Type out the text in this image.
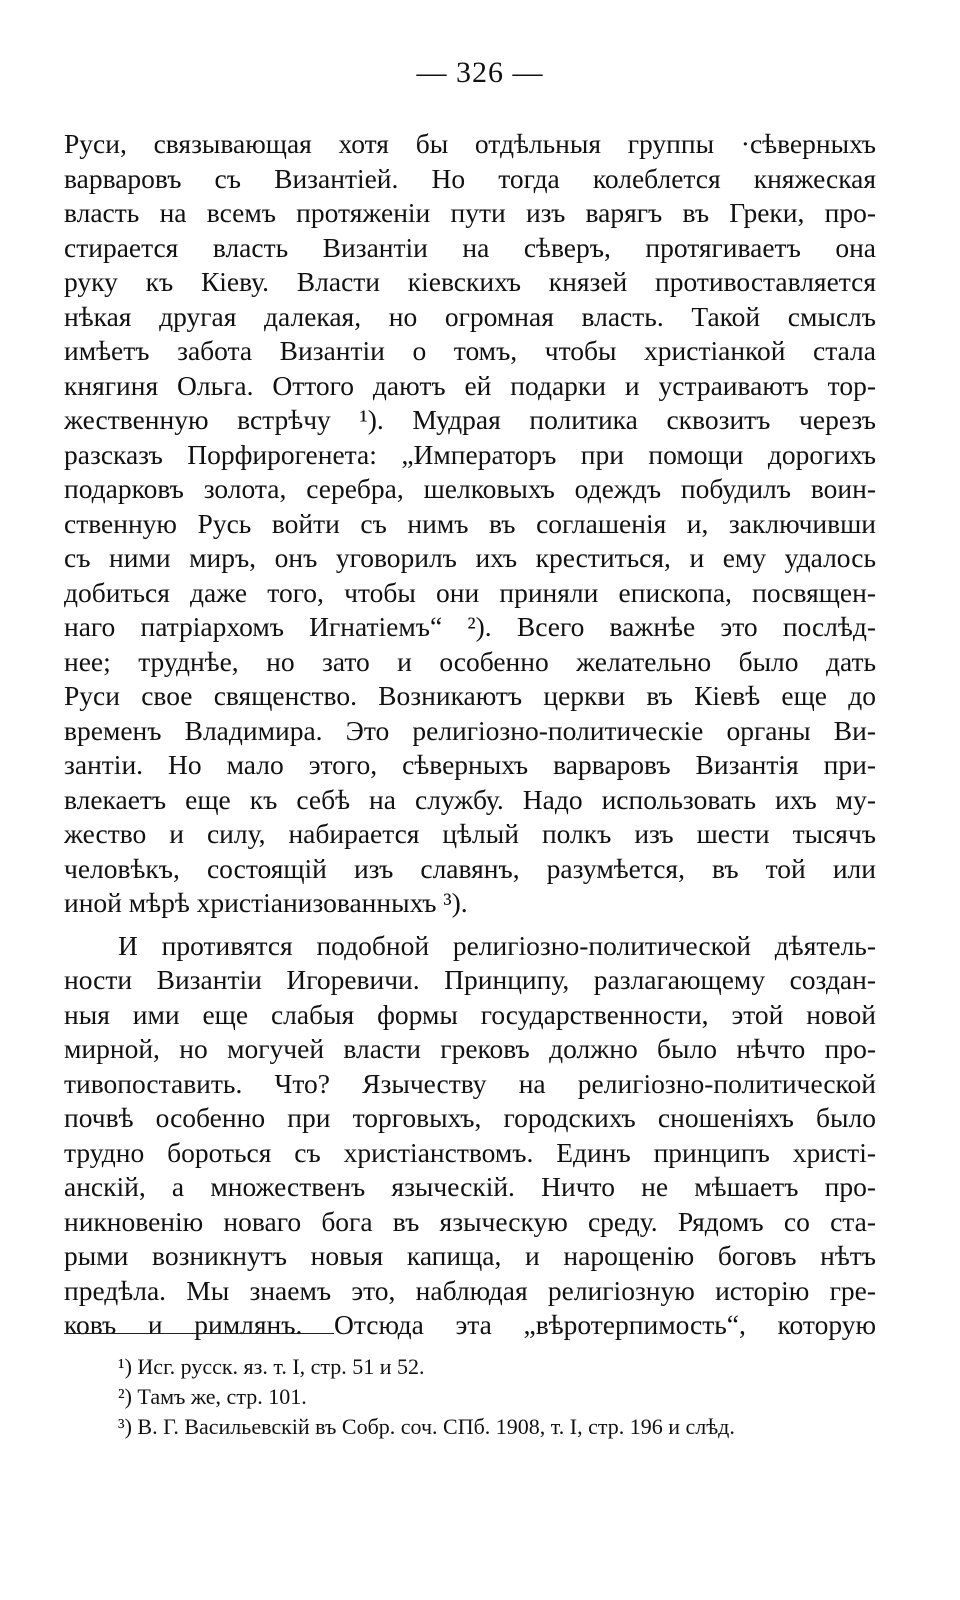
— 326 —
Руси, связывающая хотя бы отдѣльныя группы ·сѣверныхъ
варваровъ съ Византіей. Но тогда колеблется княжеская
власть на всемъ протяженіи пути изъ варягъ въ Греки, про-
стирается власть Византіи на сѣверъ, протягиваетъ она
руку къ Кіеву. Власти кіевскихъ князей противоставляется
нѣкая другая далекая, но огромная власть. Такой смыслъ
имѣетъ забота Византіи о томъ, чтобы христіанкой стала
княгиня Ольга. Оттого даютъ ей подарки и устраиваютъ тор-
жественную встрѣчу ¹). Мудрая политика сквозитъ черезъ
разсказъ Порфирогенета: „Императоръ при помощи дорогихъ
подарковъ золота, серебра, шелковыхъ одеждъ побудилъ воин-
ственную Русь войти съ нимъ въ соглашенія и, заключивши
съ ними миръ, онъ уговорилъ ихъ креститься, и ему удалось
добиться даже того, чтобы они приняли епископа, посвящен-
наго патріархомъ Игнатіемъ“ ²). Всего важнѣе это послѣд-
нее; труднѣе, но зато и особенно желательно было дать
Руси свое священство. Возникаютъ церкви въ Кіевѣ еще до
временъ Владимира. Это религіозно-политическіе органы Ви-
зантіи. Но мало этого, сѣверныхъ варваровъ Византія при-
влекаетъ еще къ себѣ на службу. Надо использовать ихъ му-
жество и силу, набирается цѣлый полкъ изъ шести тысячъ
человѣкъ, состоящій изъ славянъ, разумѣется, въ той или
иной мѣрѣ христіанизованныхъ ³).
И противятся подобной религіозно-политической дѣятель-
ности Византіи Игоревичи. Принципу, разлагающему создан-
ныя ими еще слабыя формы государственности, этой новой
мирной, но могучей власти грековъ должно было нѣчто про-
тивопоставить. Что? Язычеству на религіозно-политической
почвѣ особенно при торговыхъ, городскихъ сношеніяхъ было
трудно бороться съ христіанствомъ. Единъ принципъ христі-
анскій, а множественъ языческій. Ничто не мѣшаетъ про-
никновенію новаго бога въ языческую среду. Рядомъ со ста-
рыми возникнутъ новыя капища, и нарощенію боговъ нѣтъ
предѣла. Мы знаемъ это, наблюдая религіозную исторію гре-
ковъ и римлянъ. Отсюда эта „вѣротерпимость“, которую
¹) Исг. русск. яз. т. I, стр. 51 и 52.
²) Тамъ же, стр. 101.
³) В. Г. Васильевскій въ Собр. соч. СПб. 1908, т. I, стр. 196 и слѣд.
